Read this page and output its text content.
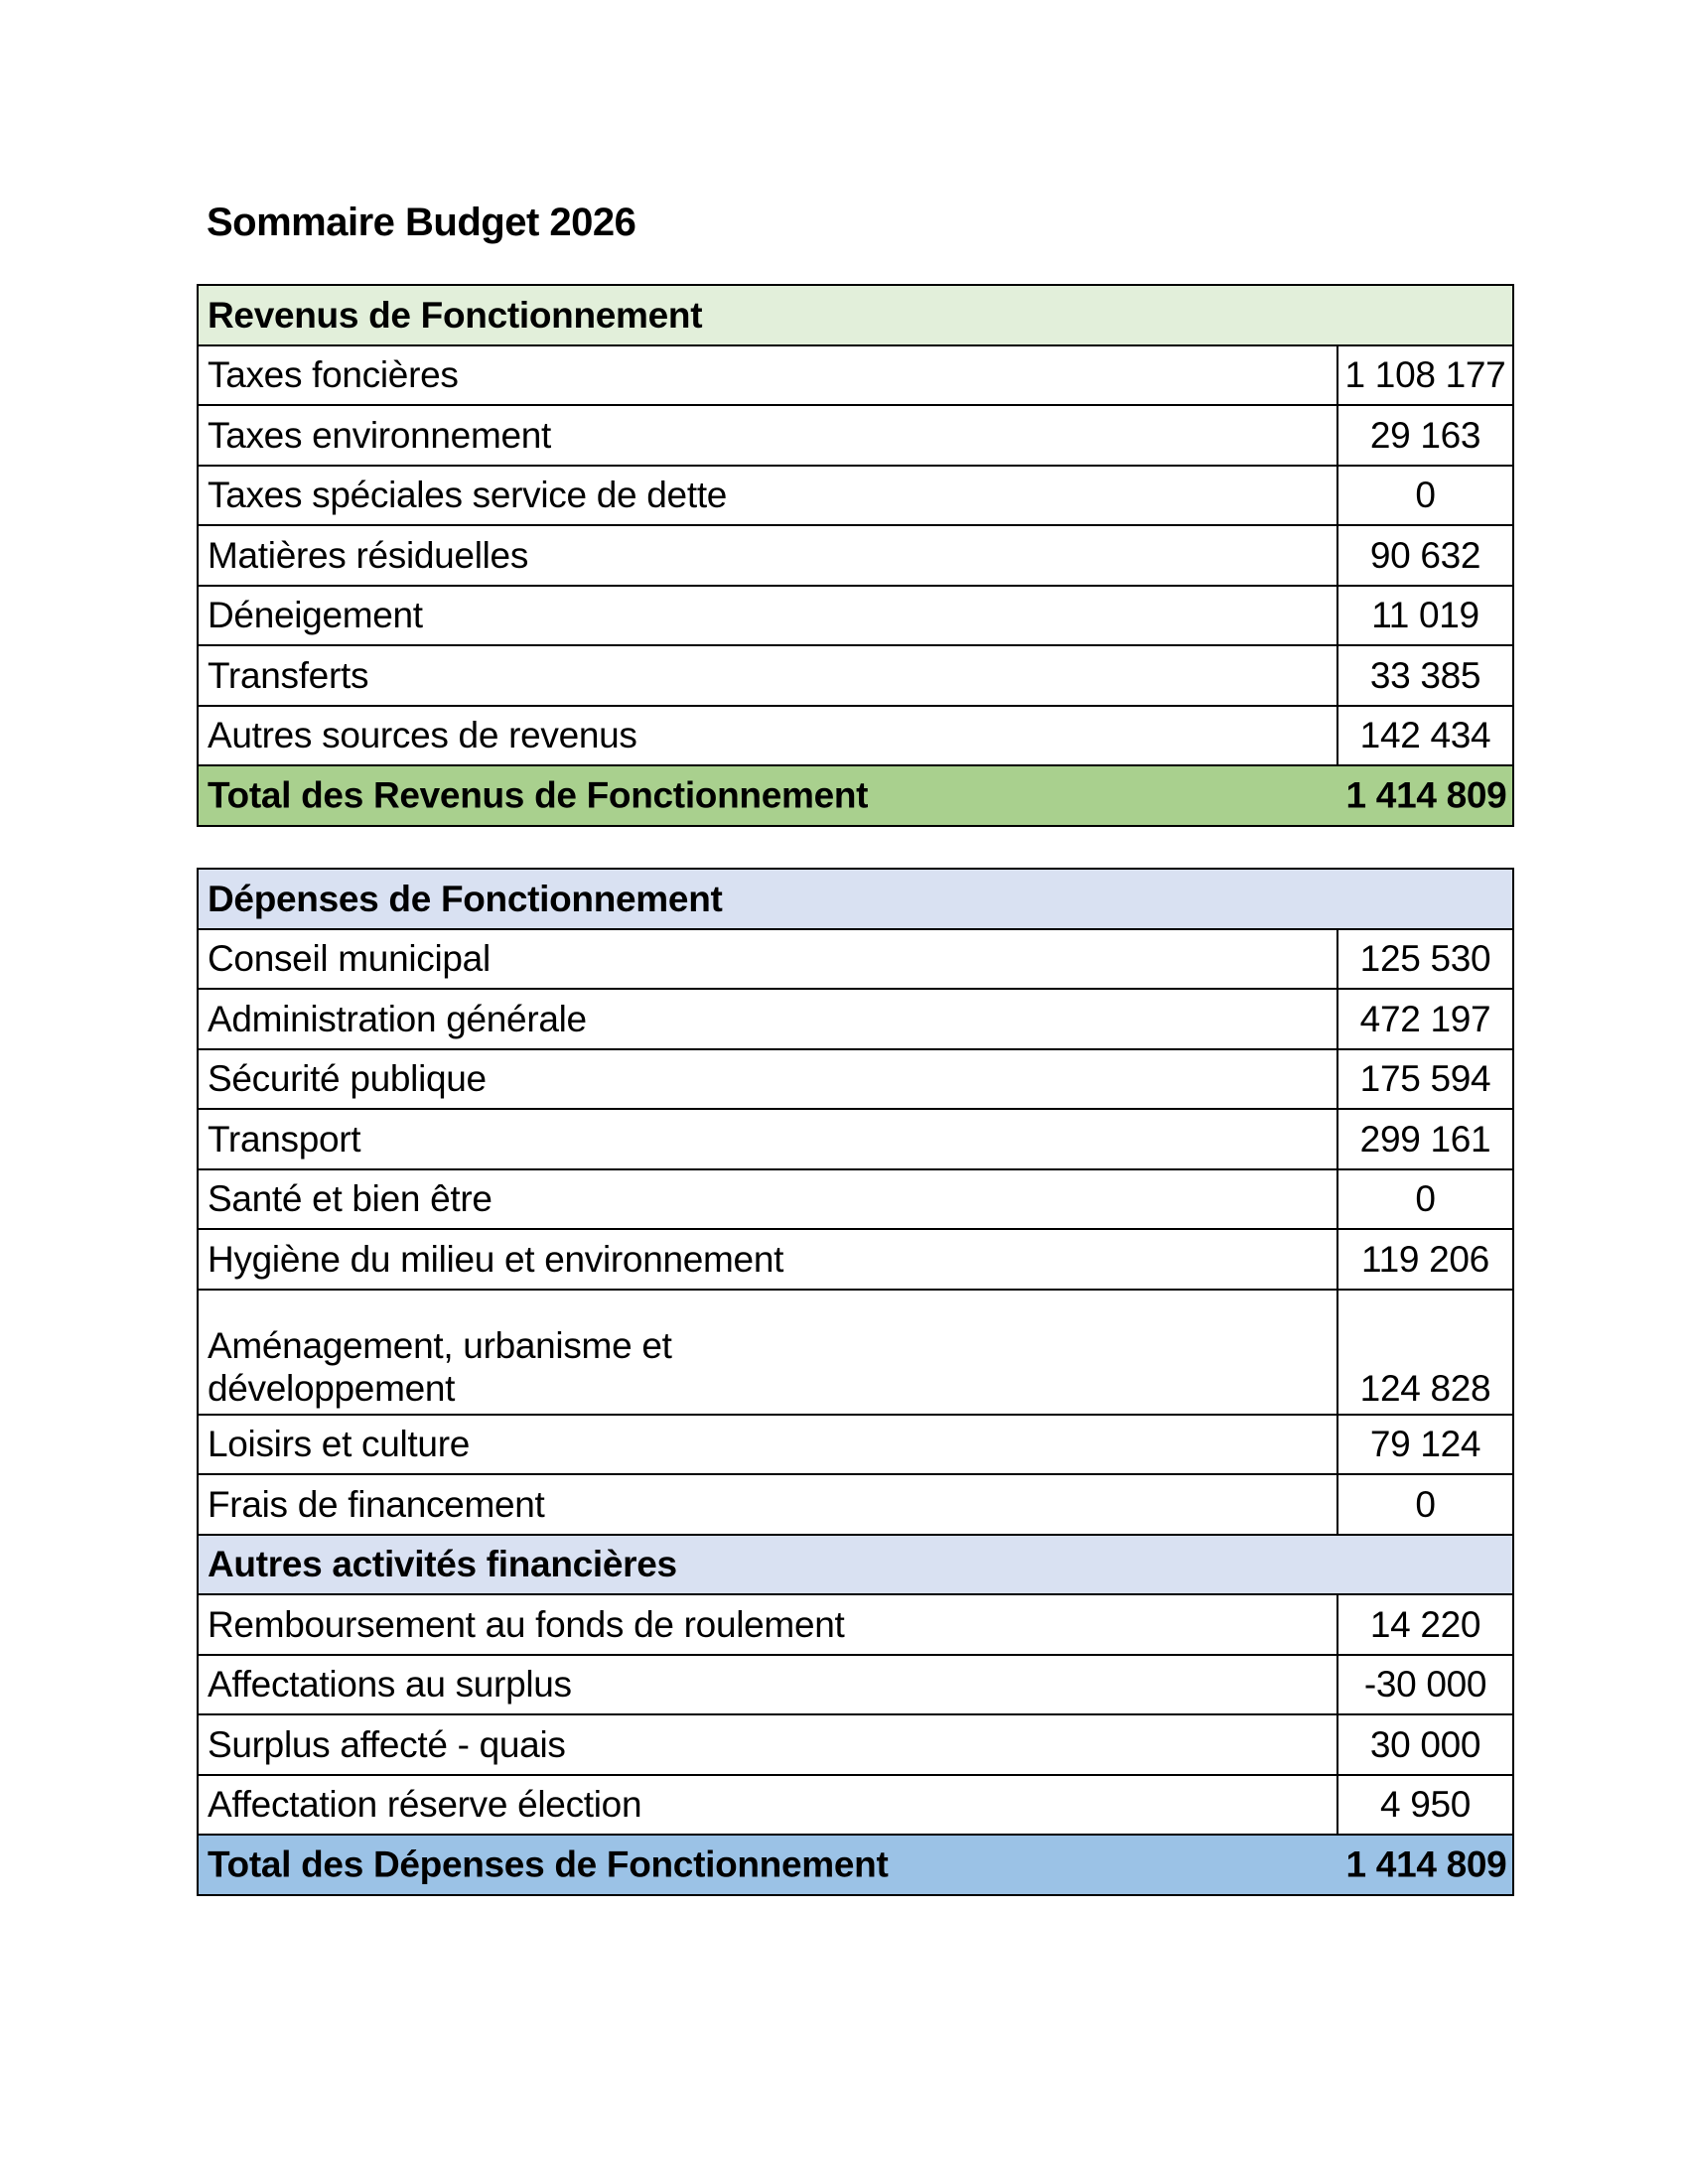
Sommaire Budget 2026
Revenus de Fonctionnement	
Taxes foncières	1 108 177
Taxes environnement	29 163
Taxes spéciales service de dette	0
Matières résiduelles	90 632
Déneigement	11 019
Transferts	33 385
Autres sources de revenus	142 434

Total des Revenus de Fonctionnement 1 414 809	
Dépenses de Fonctionnement	
Conseil municipal	125 530
Administration générale	472 197
Sécurité publique	175 594
Transport	299 161
Santé et bien être	0
Hygiène du milieu et environnement	119 206
Aménagement, urbanisme et développement	124 828
Loisirs et culture	79 124
Frais de financement	0
Autres activités financières	
Remboursement au fonds de roulement	14 220
Affectations au surplus	-30 000
Surplus affecté - quais	30 000
Affectation réserve élection	4 950

Total des Dépenses de Fonctionnement 1 414 809	
